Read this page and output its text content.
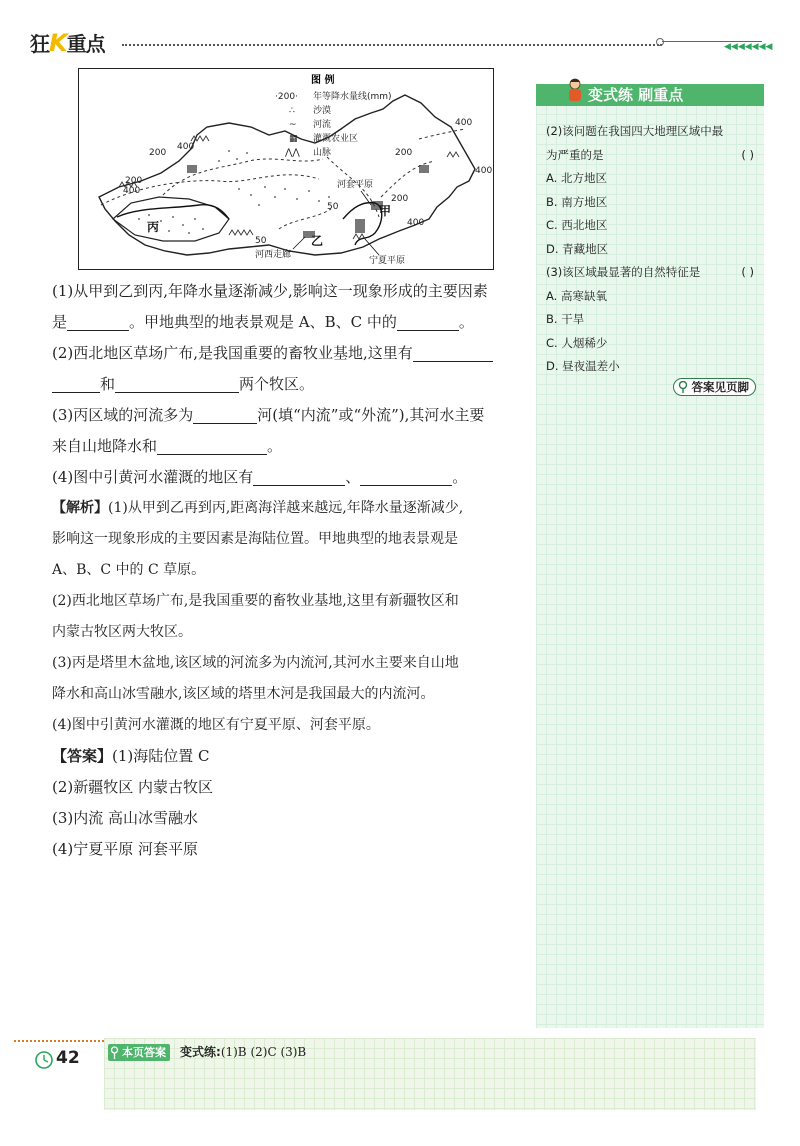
狂K重点	◀◀◀◀◀◀◀
图 例
·200· 年等降水量线(mm)
∴ 沙漠
~ 河流
▦ 灌溉农业区
⋀⋀ 山脉
200
400
200
400
200
400
400
200
400
50
50
甲
乙
丙
河套平原
河西走廊
宁夏平原

(1)从甲到乙到丙,年降水量逐渐减少,影响这一现象形成的主要因素
是	。甲地典型的地表景观是 A、B、C 中的	。

(2)西北地区草场广布,是我国重要的畜牧业基地,这里有
和	两个牧区。

(3)丙区域的河流多为	河(填“内流”或“外流”),其河水主要
来自山地降水和	。

(4)图中引黄河水灌溉的地区有	、	。

【解析】(1)从甲到乙再到丙,距离海洋越来越远,年降水量逐渐减少,

影响这一现象形成的主要因素是海陆位置。甲地典型的地表景观是

A、B、C 中的 C 草原。

(2)西北地区草场广布,是我国重要的畜牧业基地,这里有新疆牧区和

内蒙古牧区两大牧区。

(3)丙是塔里木盆地,该区域的河流多为内流河,其河水主要来自山地

降水和高山冰雪融水,该区域的塔里木河是我国最大的内流河。

(4)图中引黄河水灌溉的地区有宁夏平原、河套平原。

【答案】(1)海陆位置 C

(2)新疆牧区 内蒙古牧区

(3)内流 高山冰雪融水

(4)宁夏平原 河套平原

变式练 刷重点

(2)该问题在我国四大地理区域中最

为严重的是	( )

A. 北方地区

B. 南方地区

C. 西北地区

D. 青藏地区

(3)该区域最显著的自然特征是	( )

A. 高寒缺氧

B. 干旱

C. 人烟稀少

D. 昼夜温差小

答案见页脚
42	本页答案	变式练:(1)B (2)C (3)B
